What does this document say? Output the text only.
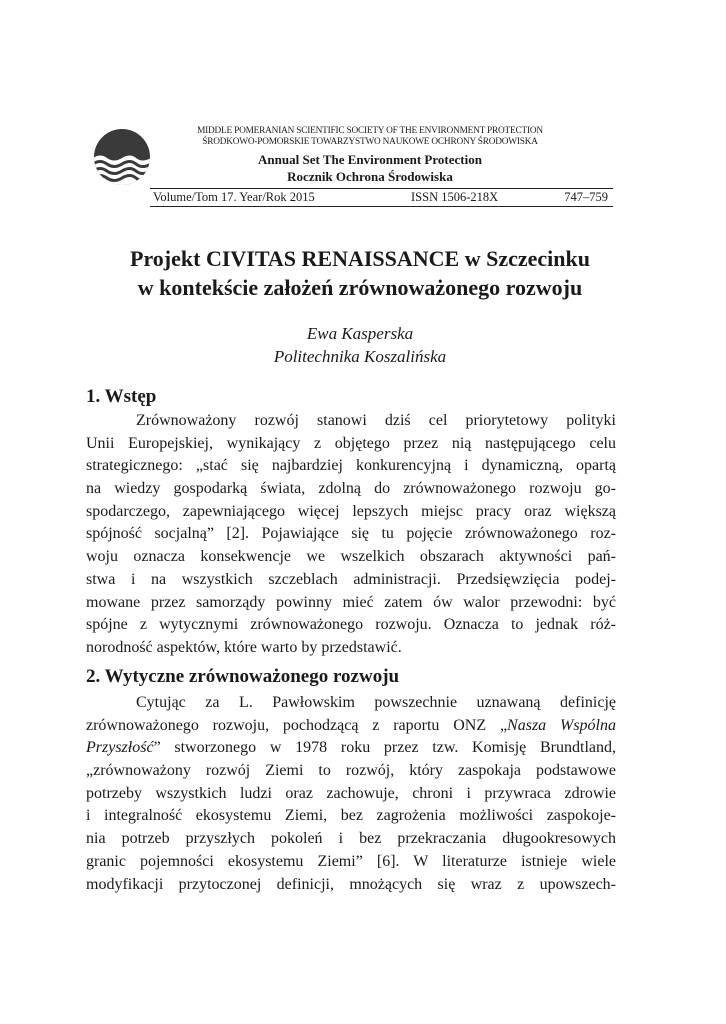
MIDDLE POMERANIAN SCIENTIFIC SOCIETY OF THE ENVIRONMENT PROTECTION
ŚRODKOWO-POMORSKIE TOWARZYSTWO NAUKOWE OCHRONY ŚRODOWISKA
Annual Set The Environment Protection
Rocznik Ochrona Środowiska
Volume/Tom 17. Year/Rok 2015	ISSN 1506-218X	747–759
Projekt CIVITAS RENAISSANCE w Szczecinku
w kontekście założeń zrównoważonego rozwoju
Ewa Kasperska
Politechnika Koszalińska
1. Wstęp
Zrównoważony rozwój stanowi dziś cel priorytetowy polityki
Unii Europejskiej, wynikający z objętego przez nią następującego celu
strategicznego: „stać się najbardziej konkurencyjną i dynamiczną, opartą
na wiedzy gospodarką świata, zdolną do zrównoważonego rozwoju go-
spodarczego, zapewniającego więcej lepszych miejsc pracy oraz większą
spójność socjalną” [2]. Pojawiające się tu pojęcie zrównoważonego roz-
woju oznacza konsekwencje we wszelkich obszarach aktywności pań-
stwa i na wszystkich szczeblach administracji. Przedsięwzięcia podej-
mowane przez samorządy powinny mieć zatem ów walor przewodni: być
spójne z wytycznymi zrównoważonego rozwoju. Oznacza to jednak róż-
norodność aspektów, które warto by przedstawić.
2. Wytyczne zrównoważonego rozwoju
Cytując za L. Pawłowskim powszechnie uznawaną definicję
zrównoważonego rozwoju, pochodzącą z raportu ONZ „Nasza Wspólna
Przyszłość” stworzonego w 1978 roku przez tzw. Komisję Brundtland,
„zrównoważony rozwój Ziemi to rozwój, który zaspokaja podstawowe
potrzeby wszystkich ludzi oraz zachowuje, chroni i przywraca zdrowie
i integralność ekosystemu Ziemi, bez zagrożenia możliwości zaspokoje-
nia potrzeb przyszłych pokoleń i bez przekraczania długookresowych
granic pojemności ekosystemu Ziemi” [6]. W literaturze istnieje wiele
modyfikacji przytoczonej definicji, mnożących się wraz z upowszech-
